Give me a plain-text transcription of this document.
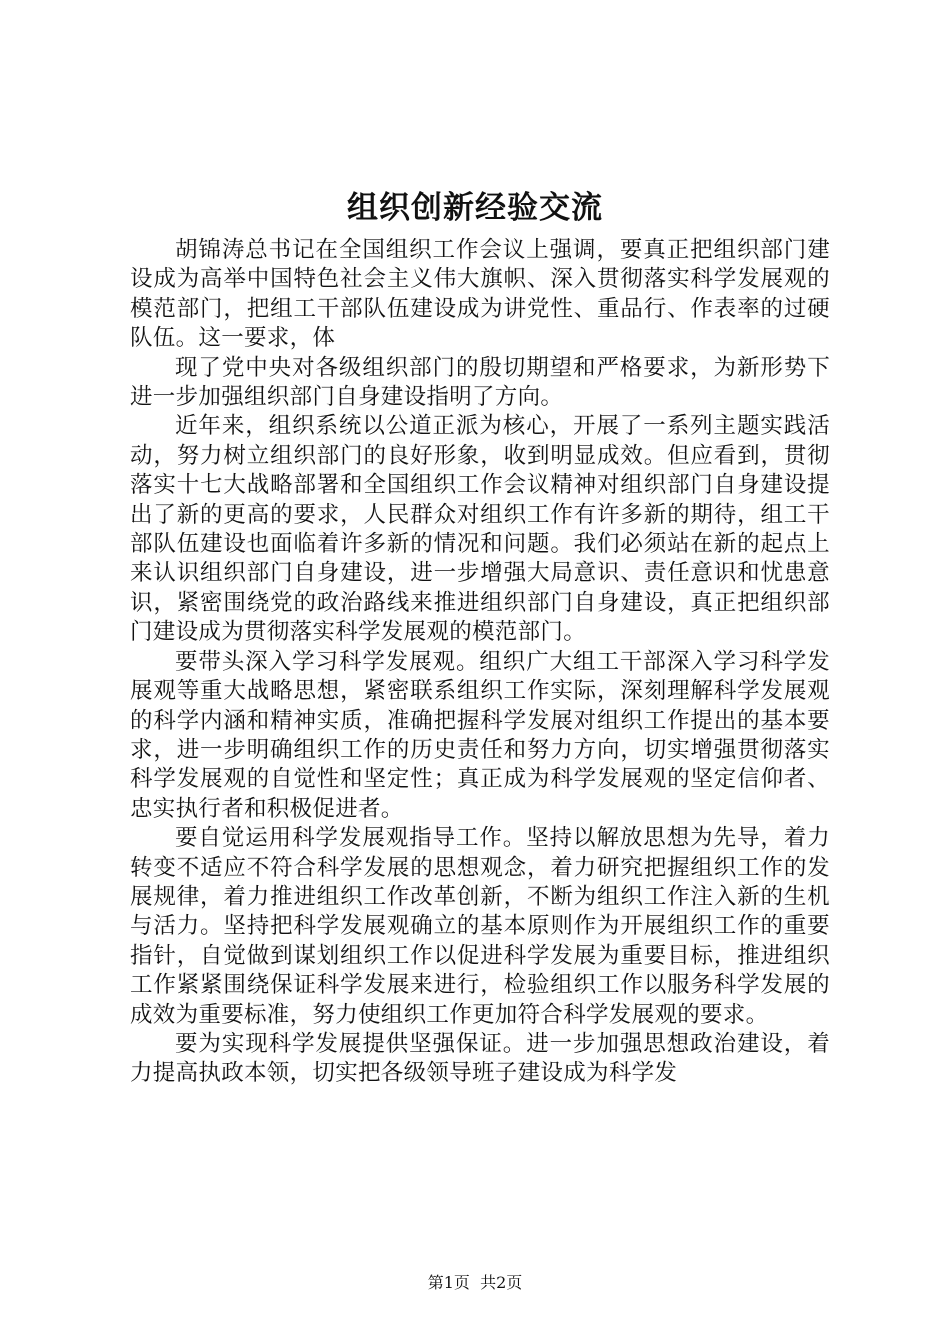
组织创新经验交流

胡锦涛总书记在全国组织工作会议上强调，要真正把组织部门建设成为高举中国特色社会主义伟大旗帜、深入贯彻落实科学发展观的模范部门，把组工干部队伍建设成为讲党性、重品行、作表率的过硬队伍。这一要求，体

现了党中央对各级组织部门的殷切期望和严格要求，为新形势下进一步加强组织部门自身建设指明了方向。

近年来，组织系统以公道正派为核心，开展了一系列主题实践活动，努力树立组织部门的良好形象，收到明显成效。但应看到，贯彻落实十七大战略部署和全国组织工作会议精神对组织部门自身建设提出了新的更高的要求，人民群众对组织工作有许多新的期待，组工干部队伍建设也面临着许多新的情况和问题。我们必须站在新的起点上来认识组织部门自身建设，进一步增强大局意识、责任意识和忧患意识，紧密围绕党的政治路线来推进组织部门自身建设，真正把组织部门建设成为贯彻落实科学发展观的模范部门。

要带头深入学习科学发展观。组织广大组工干部深入学习科学发展观等重大战略思想，紧密联系组织工作实际，深刻理解科学发展观的科学内涵和精神实质，准确把握科学发展对组织工作提出的基本要求，进一步明确组织工作的历史责任和努力方向，切实增强贯彻落实科学发展观的自觉性和坚定性；真正成为科学发展观的坚定信仰者、忠实执行者和积极促进者。

要自觉运用科学发展观指导工作。坚持以解放思想为先导，着力转变不适应不符合科学发展的思想观念，着力研究把握组织工作的发展规律，着力推进组织工作改革创新，不断为组织工作注入新的生机与活力。坚持把科学发展观确立的基本原则作为开展组织工作的重要指针，自觉做到谋划组织工作以促进科学发展为重要目标，推进组织工作紧紧围绕保证科学发展来进行，检验组织工作以服务科学发展的成效为重要标准，努力使组织工作更加符合科学发展观的要求。

要为实现科学发展提供坚强保证。进一步加强思想政治建设，着力提高执政本领，切实把各级领导班子建设成为科学发

第1页 共2页
